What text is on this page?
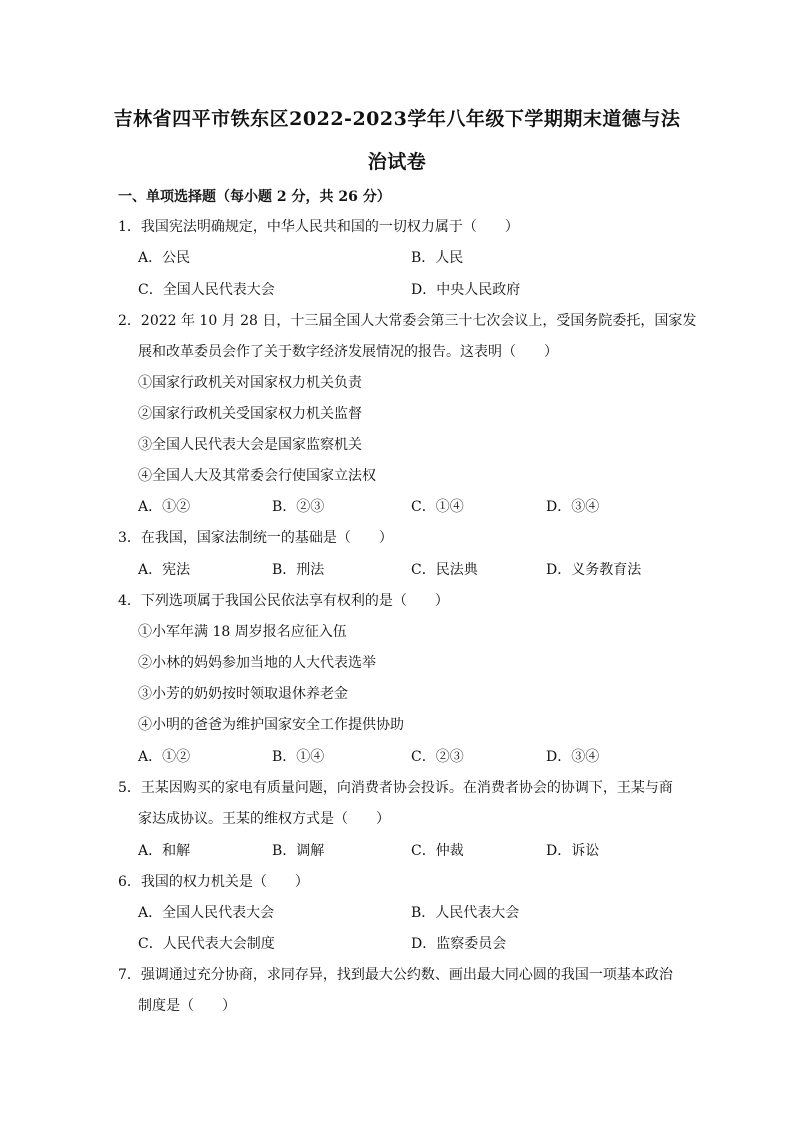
吉林省四平市铁东区2022-2023学年八年级下学期期末道德与法
治试卷
一、单项选择题（每小题 2 分，共 26 分）
1．我国宪法明确规定，中华人民共和国的一切权力属于（　　）
A．公民	B．人民
C．全国人民代表大会	D．中央人民政府
2．2022 年 10 月 28 日，十三届全国人大常委会第三十七次会议上，受国务院委托，国家发
展和改革委员会作了关于数字经济发展情况的报告。这表明（　　）
①国家行政机关对国家权力机关负责
②国家行政机关受国家权力机关监督
③全国人民代表大会是国家监察机关
④全国人大及其常委会行使国家立法权
A．①②	B．②③	C．①④	D．③④
3．在我国，国家法制统一的基础是（　　）
A．宪法	B．刑法	C．民法典	D．义务教育法
4．下列选项属于我国公民依法享有权利的是（　　）
①小军年满 18 周岁报名应征入伍
②小林的妈妈参加当地的人大代表选举
③小芳的奶奶按时领取退休养老金
④小明的爸爸为维护国家安全工作提供协助
A．①②	B．①④	C．②③	D．③④
5．王某因购买的家电有质量问题，向消费者协会投诉。在消费者协会的协调下，王某与商
家达成协议。王某的维权方式是（　　）
A．和解	B．调解	C．仲裁	D．诉讼
6．我国的权力机关是（　　）
A．全国人民代表大会	B．人民代表大会
C．人民代表大会制度	D．监察委员会
7．强调通过充分协商，求同存异，找到最大公约数、画出最大同心圆的我国一项基本政治
制度是（　　）
